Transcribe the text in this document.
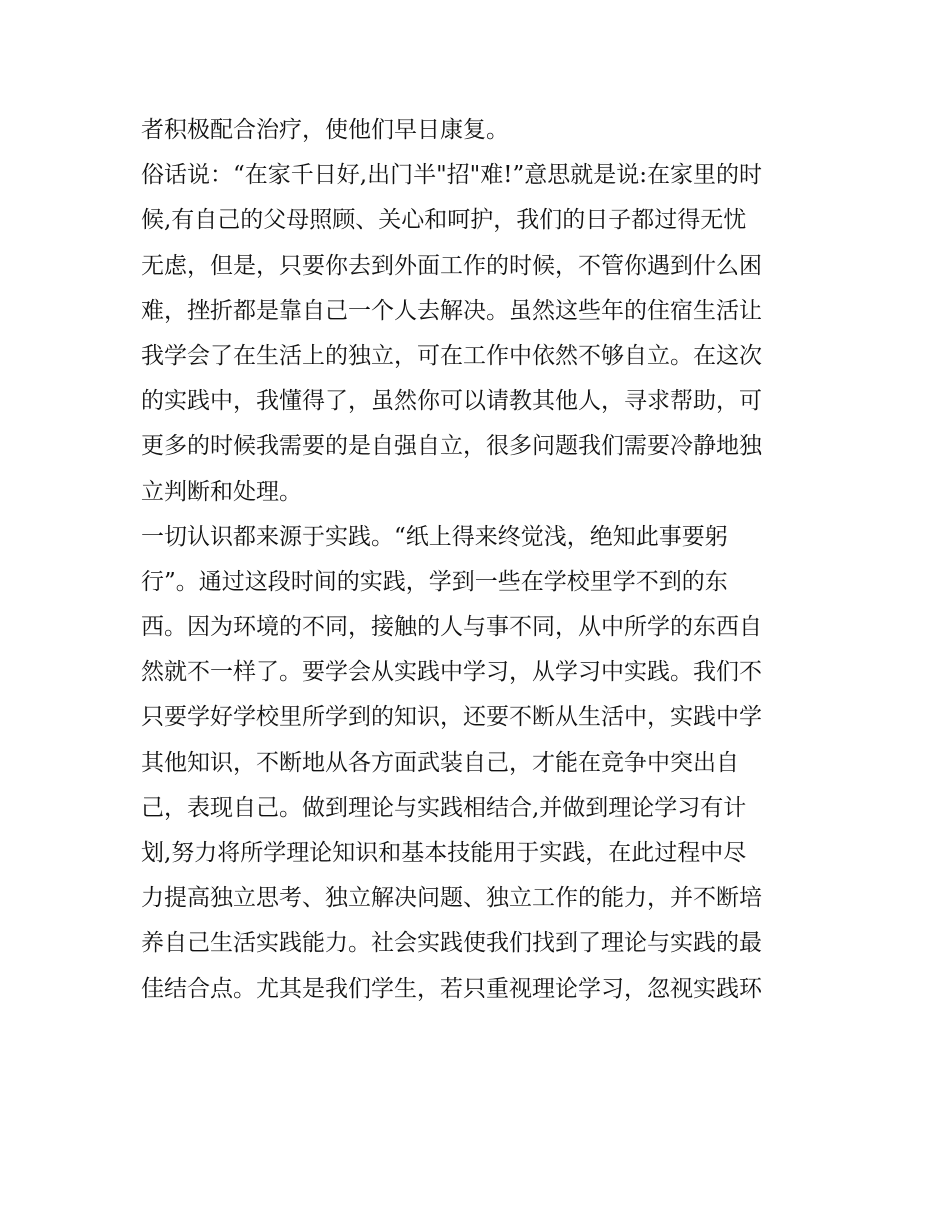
者积极配合治疗，使他们早日康复。
俗话说：“在家千日好,出门半"招"难!”意思就是说:在家里的时
候,有自己的父母照顾、关心和呵护，我们的日子都过得无忧
无虑，但是，只要你去到外面工作的时候，不管你遇到什么困
难，挫折都是靠自己一个人去解决。虽然这些年的住宿生活让
我学会了在生活上的独立，可在工作中依然不够自立。在这次
的实践中，我懂得了，虽然你可以请教其他人，寻求帮助，可
更多的时候我需要的是自强自立，很多问题我们需要冷静地独
立判断和处理。
一切认识都来源于实践。“纸上得来终觉浅，绝知此事要躬
行”。通过这段时间的实践，学到一些在学校里学不到的东
西。因为环境的不同，接触的人与事不同，从中所学的东西自
然就不一样了。要学会从实践中学习，从学习中实践。我们不
只要学好学校里所学到的知识，还要不断从生活中，实践中学
其他知识，不断地从各方面武装自己，才能在竞争中突出自
己，表现自己。做到理论与实践相结合,并做到理论学习有计
划,努力将所学理论知识和基本技能用于实践，在此过程中尽
力提高独立思考、独立解决问题、独立工作的能力，并不断培
养自己生活实践能力。社会实践使我们找到了理论与实践的最
佳结合点。尤其是我们学生，若只重视理论学习，忽视实践环
